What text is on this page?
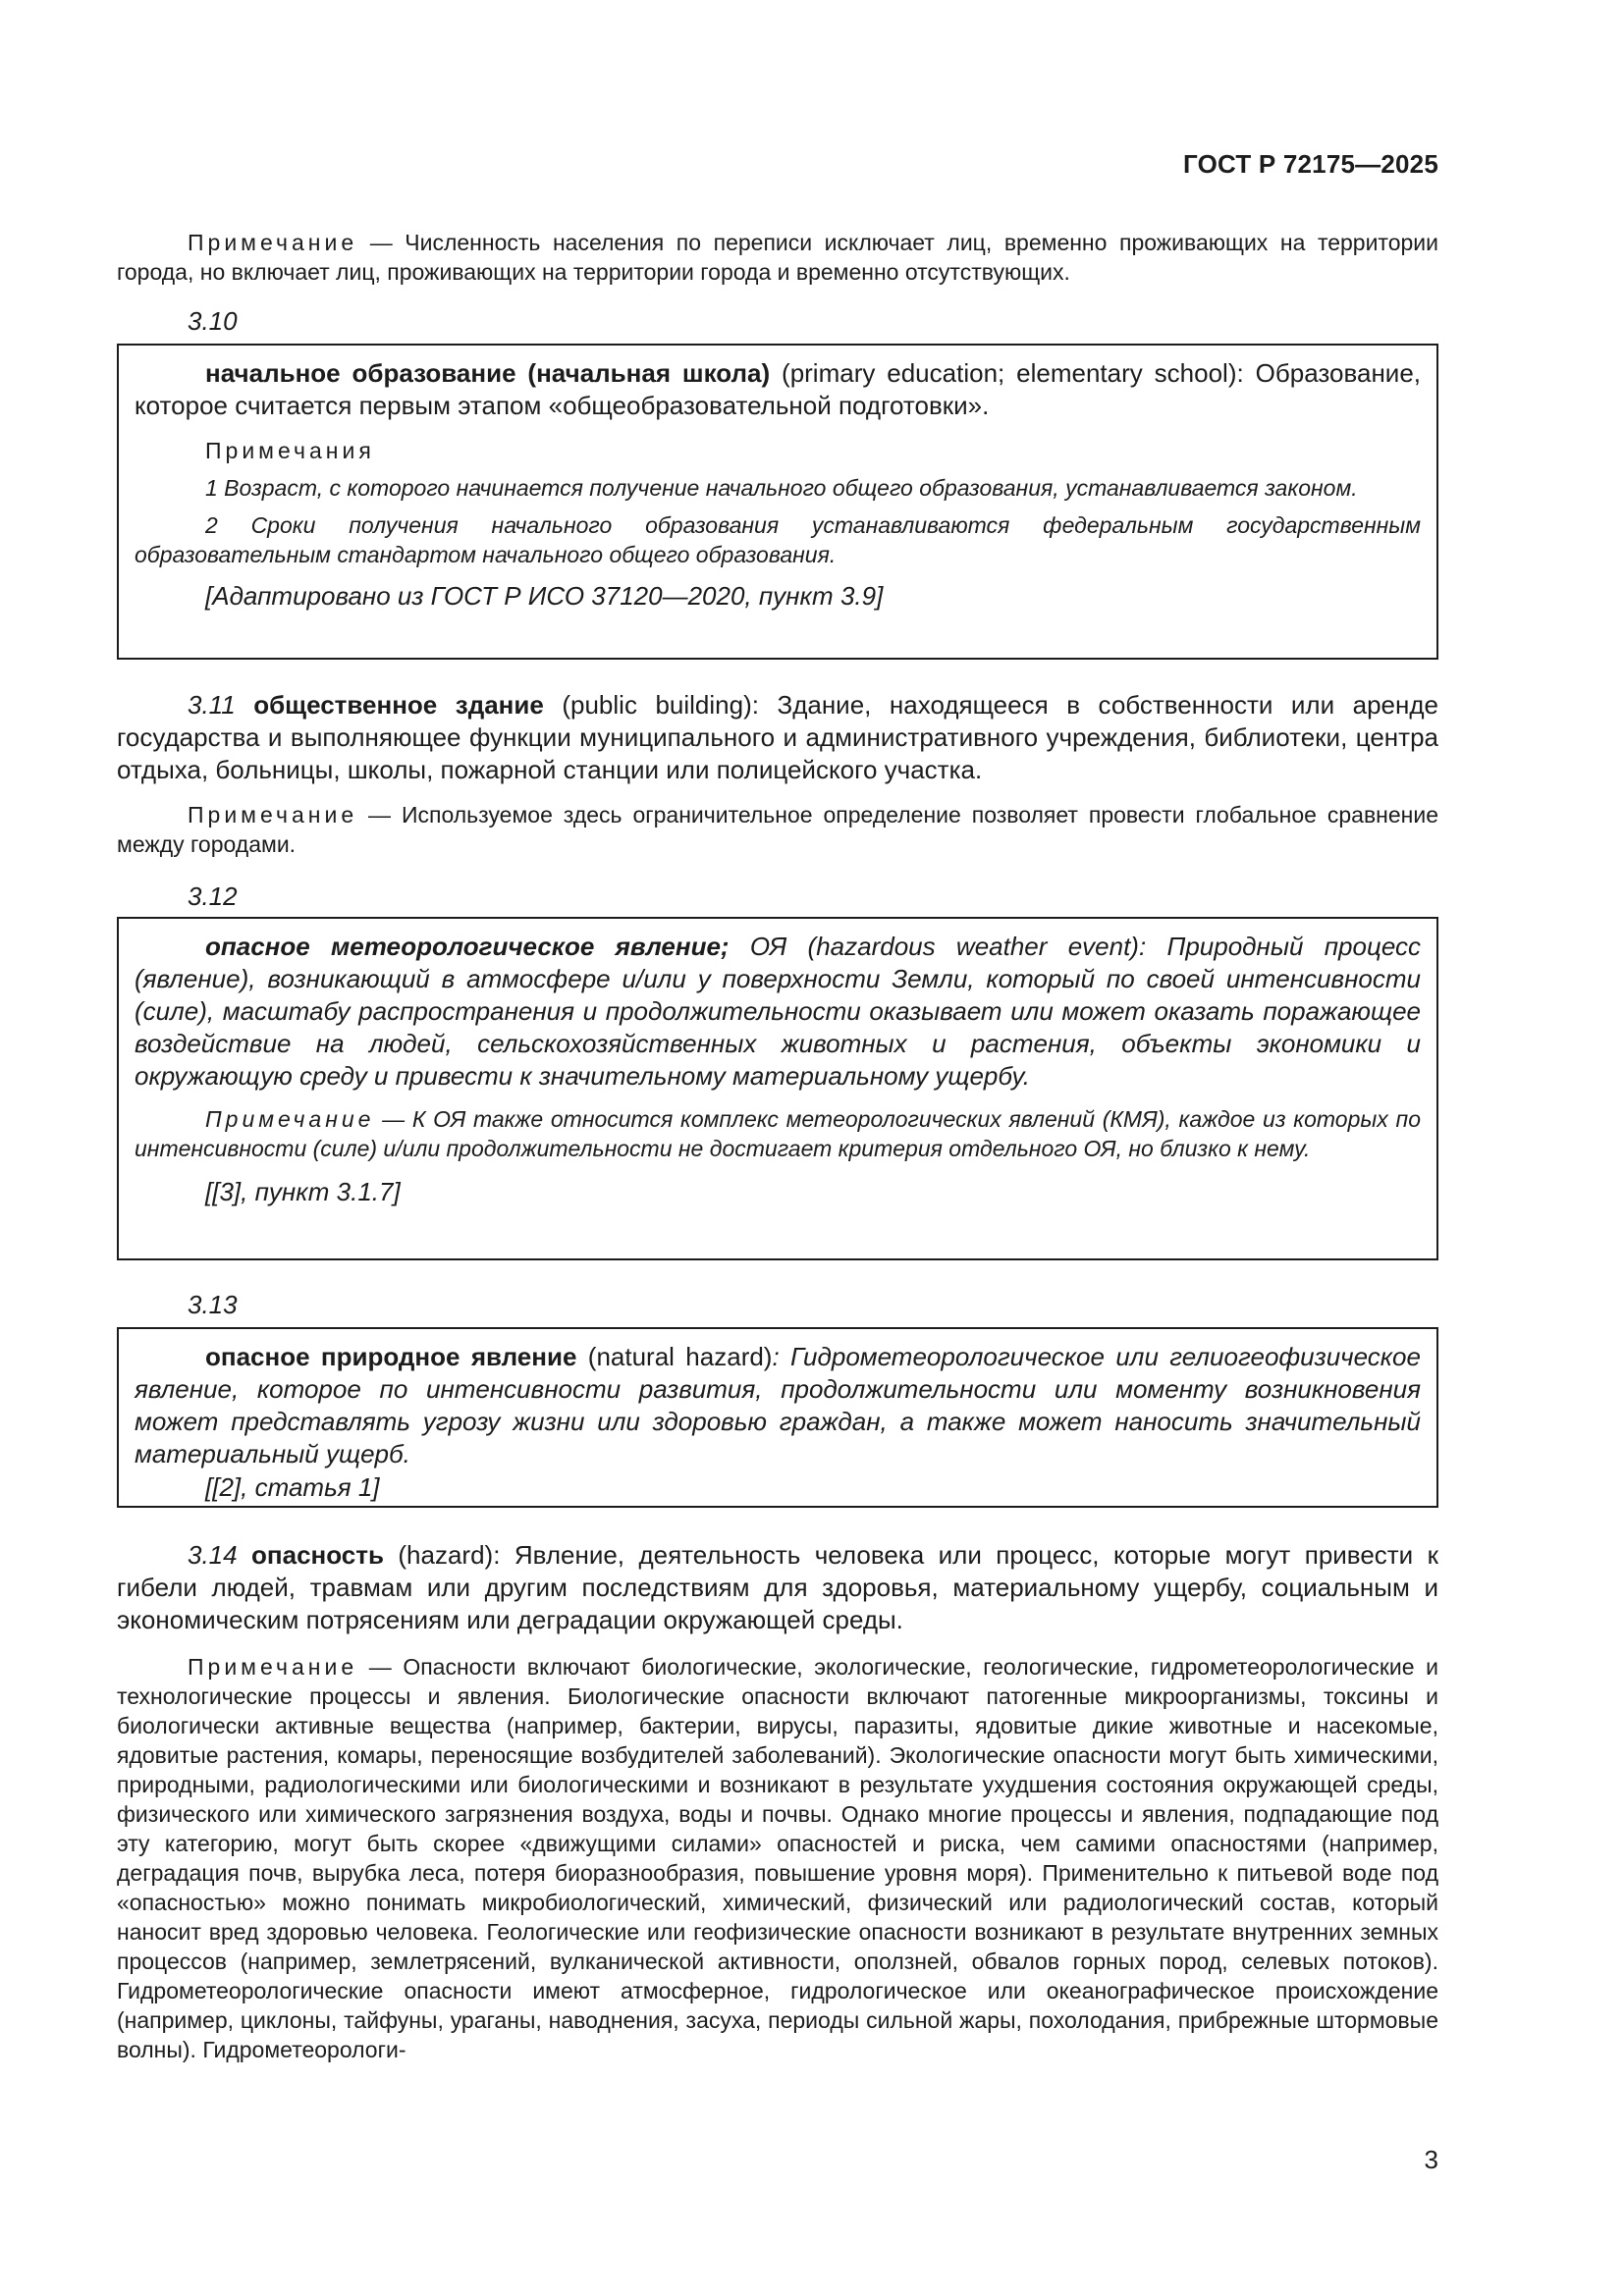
ГОСТ Р 72175—2025

Примечание — Численность населения по переписи исключает лиц, временно проживающих на территории города, но включает лиц, проживающих на территории города и временно отсутствующих.

3.10

начальное образование (начальная школа) (primary education; elementary school): Образование, которое считается первым этапом «общеобразовательной подготовки».

Примечания

1 Возраст, с которого начинается получение начального общего образования, устанавливается законом.

2 Сроки получения начального образования устанавливаются федеральным государственным образовательным стандартом начального общего образования.

[Адаптировано из ГОСТ Р ИСО 37120—2020, пункт 3.9]

3.11 общественное здание (public building): Здание, находящееся в собственности или аренде государства и выполняющее функции муниципального и административного учреждения, библиотеки, центра отдыха, больницы, школы, пожарной станции или полицейского участка.

Примечание — Используемое здесь ограничительное определение позволяет провести глобальное сравнение между городами.

3.12

опасное метеорологическое явление; ОЯ (hazardous weather event): Природный процесс (явление), возникающий в атмосфере и/или у поверхности Земли, который по своей интенсивности (силе), масштабу распространения и продолжительности оказывает или может оказать поражающее воздействие на людей, сельскохозяйственных животных и растения, объекты экономики и окружающую среду и привести к значительному материальному ущербу.

Примечание — К ОЯ также относится комплекс метеорологических явлений (КМЯ), каждое из которых по интенсивности (силе) и/или продолжительности не достигает критерия отдельного ОЯ, но близко к нему.

[[3], пункт 3.1.7]

3.13

опасное природное явление (natural hazard): Гидрометеорологическое или гелиогеофизическое явление, которое по интенсивности развития, продолжительности или моменту возникновения может представлять угрозу жизни или здоровью граждан, а также может наносить значительный материальный ущерб.

[[2], статья 1]

3.14 опасность (hazard): Явление, деятельность человека или процесс, которые могут привести к гибели людей, травмам или другим последствиям для здоровья, материальному ущербу, социальным и экономическим потрясениям или деградации окружающей среды.

Примечание — Опасности включают биологические, экологические, геологические, гидрометеорологические и технологические процессы и явления. Биологические опасности включают патогенные микроорганизмы, токсины и биологически активные вещества (например, бактерии, вирусы, паразиты, ядовитые дикие животные и насекомые, ядовитые растения, комары, переносящие возбудителей заболеваний). Экологические опасности могут быть химическими, природными, радиологическими или биологическими и возникают в результате ухудшения состояния окружающей среды, физического или химического загрязнения воздуха, воды и почвы. Однако многие процессы и явления, подпадающие под эту категорию, могут быть скорее «движущими силами» опасностей и риска, чем самими опасностями (например, деградация почв, вырубка леса, потеря биоразнообразия, повышение уровня моря). Применительно к питьевой воде под «опасностью» можно понимать микробиологический, химический, физический или радиологический состав, который наносит вред здоровью человека. Геологические или геофизические опасности возникают в результате внутренних земных процессов (например, землетрясений, вулканической активности, оползней, обвалов горных пород, селевых потоков). Гидрометеорологические опасности имеют атмосферное, гидрологическое или океанографическое происхождение (например, циклоны, тайфуны, ураганы, наводнения, засуха, периоды сильной жары, похолодания, прибрежные штормовые волны). Гидрометеорологи-

3
